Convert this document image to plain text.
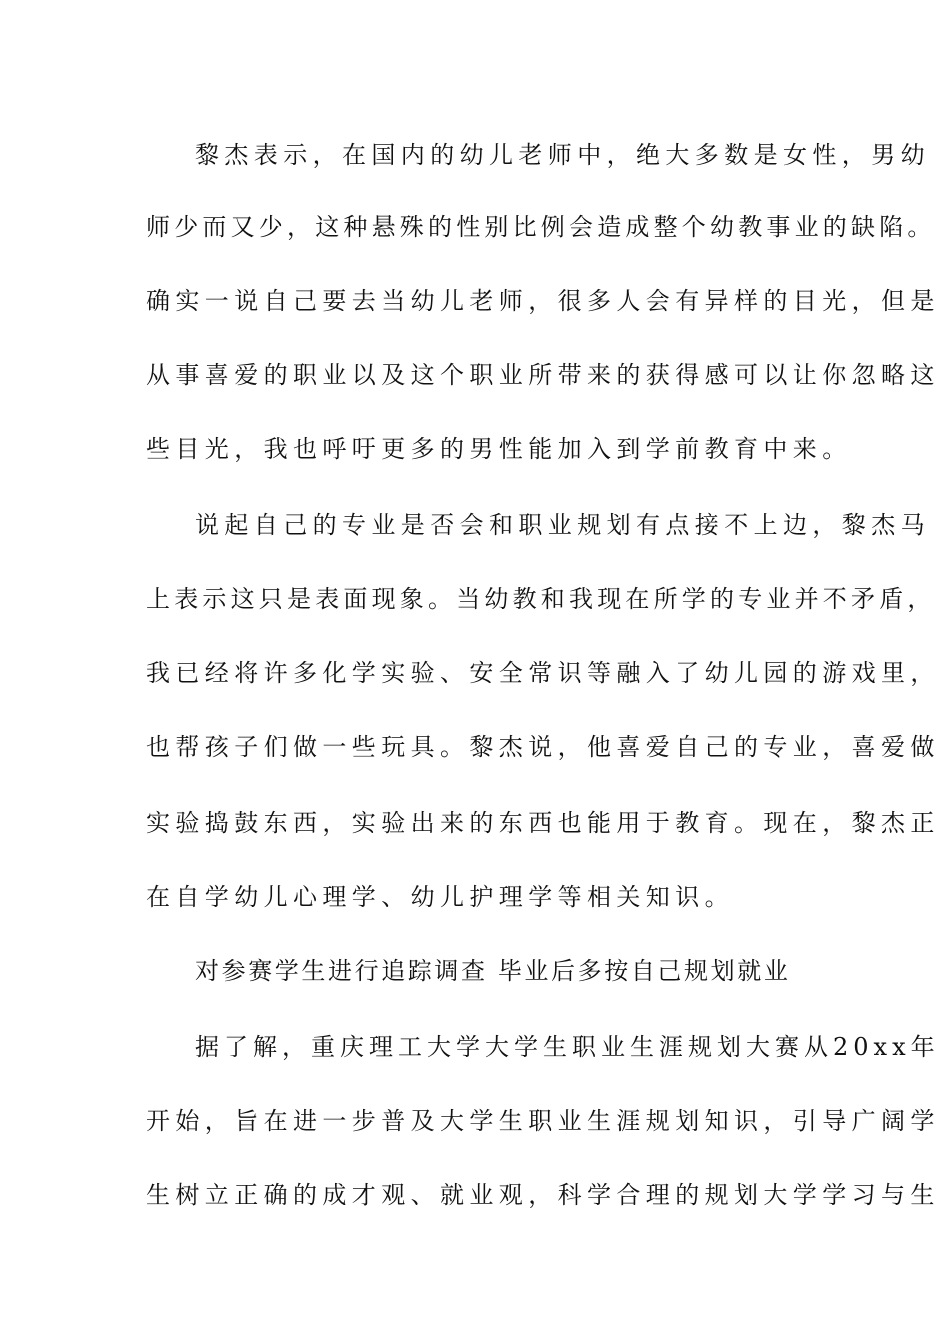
黎杰表示，在国内的幼儿老师中，绝大多数是女性，男幼
师少而又少，这种悬殊的性别比例会造成整个幼教事业的缺陷。
确实一说自己要去当幼儿老师，很多人会有异样的目光，但是
从事喜爱的职业以及这个职业所带来的获得感可以让你忽略这
些目光，我也呼吁更多的男性能加入到学前教育中来。
说起自己的专业是否会和职业规划有点接不上边，黎杰马
上表示这只是表面现象。当幼教和我现在所学的专业并不矛盾，
我已经将许多化学实验、安全常识等融入了幼儿园的游戏里，
也帮孩子们做一些玩具。黎杰说，他喜爱自己的专业，喜爱做
实验捣鼓东西，实验出来的东西也能用于教育。现在，黎杰正
在自学幼儿心理学、幼儿护理学等相关知识。
对参赛学生进行追踪调查 毕业后多按自己规划就业
据了解，重庆理工大学大学生职业生涯规划大赛从20xx年
开始，旨在进一步普及大学生职业生涯规划知识，引导广阔学
生树立正确的成才观、就业观，科学合理的规划大学学习与生
